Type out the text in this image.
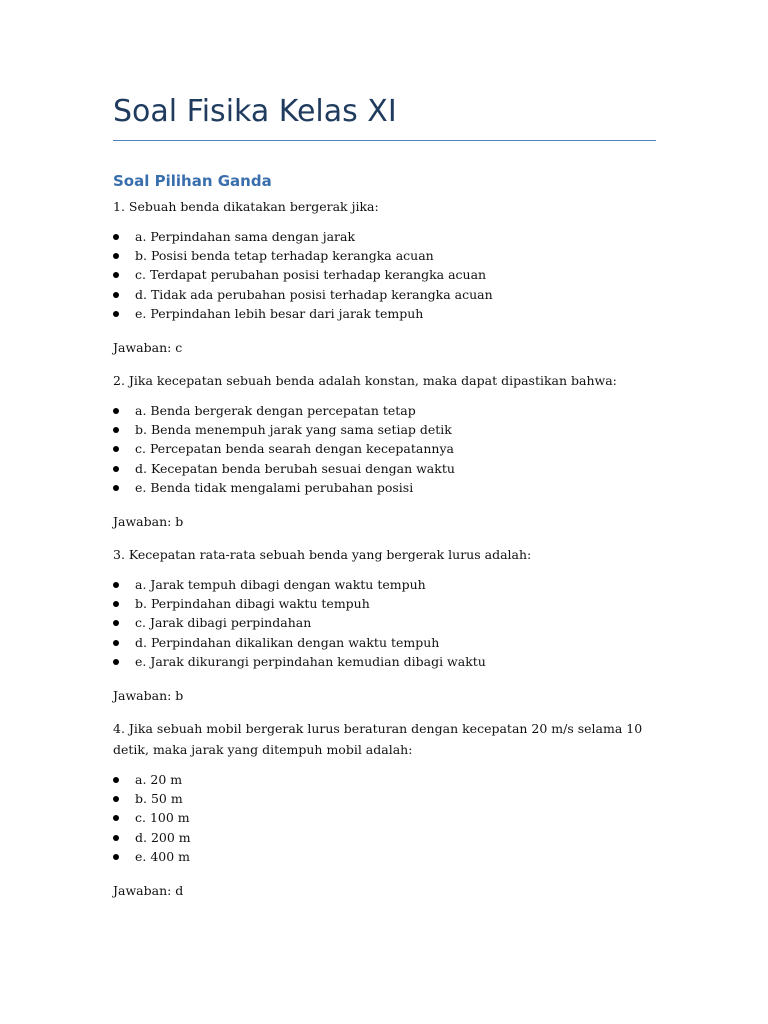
Soal Fisika Kelas XI
Soal Pilihan Ganda

1. Sebuah benda dikatakan bergerak jika:

a. Perpindahan sama dengan jarak
b. Posisi benda tetap terhadap kerangka acuan
c. Terdapat perubahan posisi terhadap kerangka acuan
d. Tidak ada perubahan posisi terhadap kerangka acuan
e. Perpindahan lebih besar dari jarak tempuh

Jawaban: c

2. Jika kecepatan sebuah benda adalah konstan, maka dapat dipastikan bahwa:

a. Benda bergerak dengan percepatan tetap
b. Benda menempuh jarak yang sama setiap detik
c. Percepatan benda searah dengan kecepatannya
d. Kecepatan benda berubah sesuai dengan waktu
e. Benda tidak mengalami perubahan posisi

Jawaban: b

3. Kecepatan rata-rata sebuah benda yang bergerak lurus adalah:

a. Jarak tempuh dibagi dengan waktu tempuh
b. Perpindahan dibagi waktu tempuh
c. Jarak dibagi perpindahan
d. Perpindahan dikalikan dengan waktu tempuh
e. Jarak dikurangi perpindahan kemudian dibagi waktu

Jawaban: b

4. Jika sebuah mobil bergerak lurus beraturan dengan kecepatan 20 m/s selama 10 detik, maka jarak yang ditempuh mobil adalah:

a. 20 m
b. 50 m
c. 100 m
d. 200 m
e. 400 m

Jawaban: d
